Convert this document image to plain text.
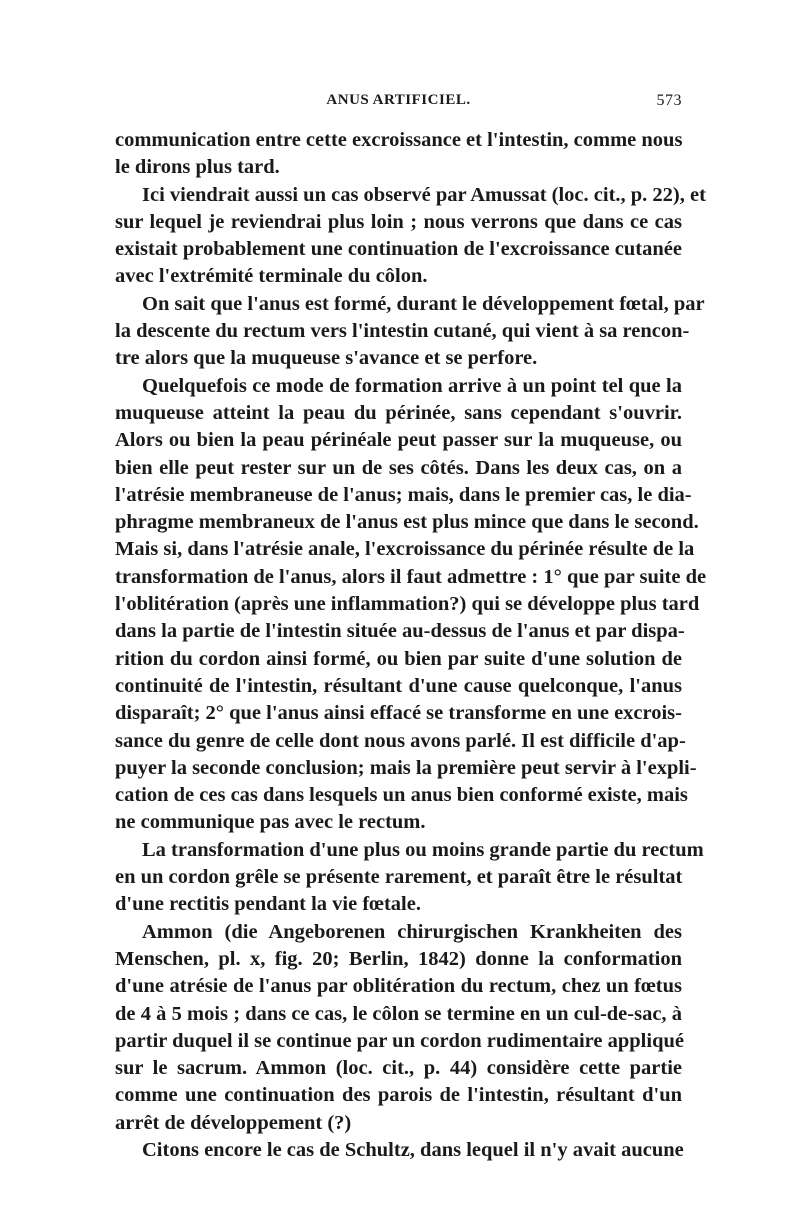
ANUS ARTIFICIEL.	573
communication entre cette excroissance et l'intestin, comme nous
le dirons plus tard.
Ici viendrait aussi un cas observé par Amussat (loc. cit., p. 22), et
sur lequel je reviendrai plus loin ; nous verrons que dans ce cas
existait probablement une continuation de l'excroissance cutanée
avec l'extrémité terminale du côlon.
On sait que l'anus est formé, durant le développement fœtal, par
la descente du rectum vers l'intestin cutané, qui vient à sa rencon-
tre alors que la muqueuse s'avance et se perfore.
Quelquefois ce mode de formation arrive à un point tel que la
muqueuse atteint la peau du périnée, sans cependant s'ouvrir.
Alors ou bien la peau périnéale peut passer sur la muqueuse, ou
bien elle peut rester sur un de ses côtés. Dans les deux cas, on a
l'atrésie membraneuse de l'anus; mais, dans le premier cas, le dia-
phragme membraneux de l'anus est plus mince que dans le second.
Mais si, dans l'atrésie anale, l'excroissance du périnée résulte de la
transformation de l'anus, alors il faut admettre : 1° que par suite de
l'oblitération (après une inflammation?) qui se développe plus tard
dans la partie de l'intestin située au-dessus de l'anus et par dispa-
rition du cordon ainsi formé, ou bien par suite d'une solution de
continuité de l'intestin, résultant d'une cause quelconque, l'anus
disparaît; 2° que l'anus ainsi effacé se transforme en une excrois-
sance du genre de celle dont nous avons parlé. Il est difficile d'ap-
puyer la seconde conclusion; mais la première peut servir à l'expli-
cation de ces cas dans lesquels un anus bien conformé existe, mais
ne communique pas avec le rectum.
La transformation d'une plus ou moins grande partie du rectum
en un cordon grêle se présente rarement, et paraît être le résultat
d'une rectitis pendant la vie fœtale.
Ammon (die Angeborenen chirurgischen Krankheiten des
Menschen, pl. x, fig. 20; Berlin, 1842) donne la conformation
d'une atrésie de l'anus par oblitération du rectum, chez un fœtus
de 4 à 5 mois ; dans ce cas, le côlon se termine en un cul-de-sac, à
partir duquel il se continue par un cordon rudimentaire appliqué
sur le sacrum. Ammon (loc. cit., p. 44) considère cette partie
comme une continuation des parois de l'intestin, résultant d'un
arrêt de développement (?)
Citons encore le cas de Schultz, dans lequel il n'y avait aucune
